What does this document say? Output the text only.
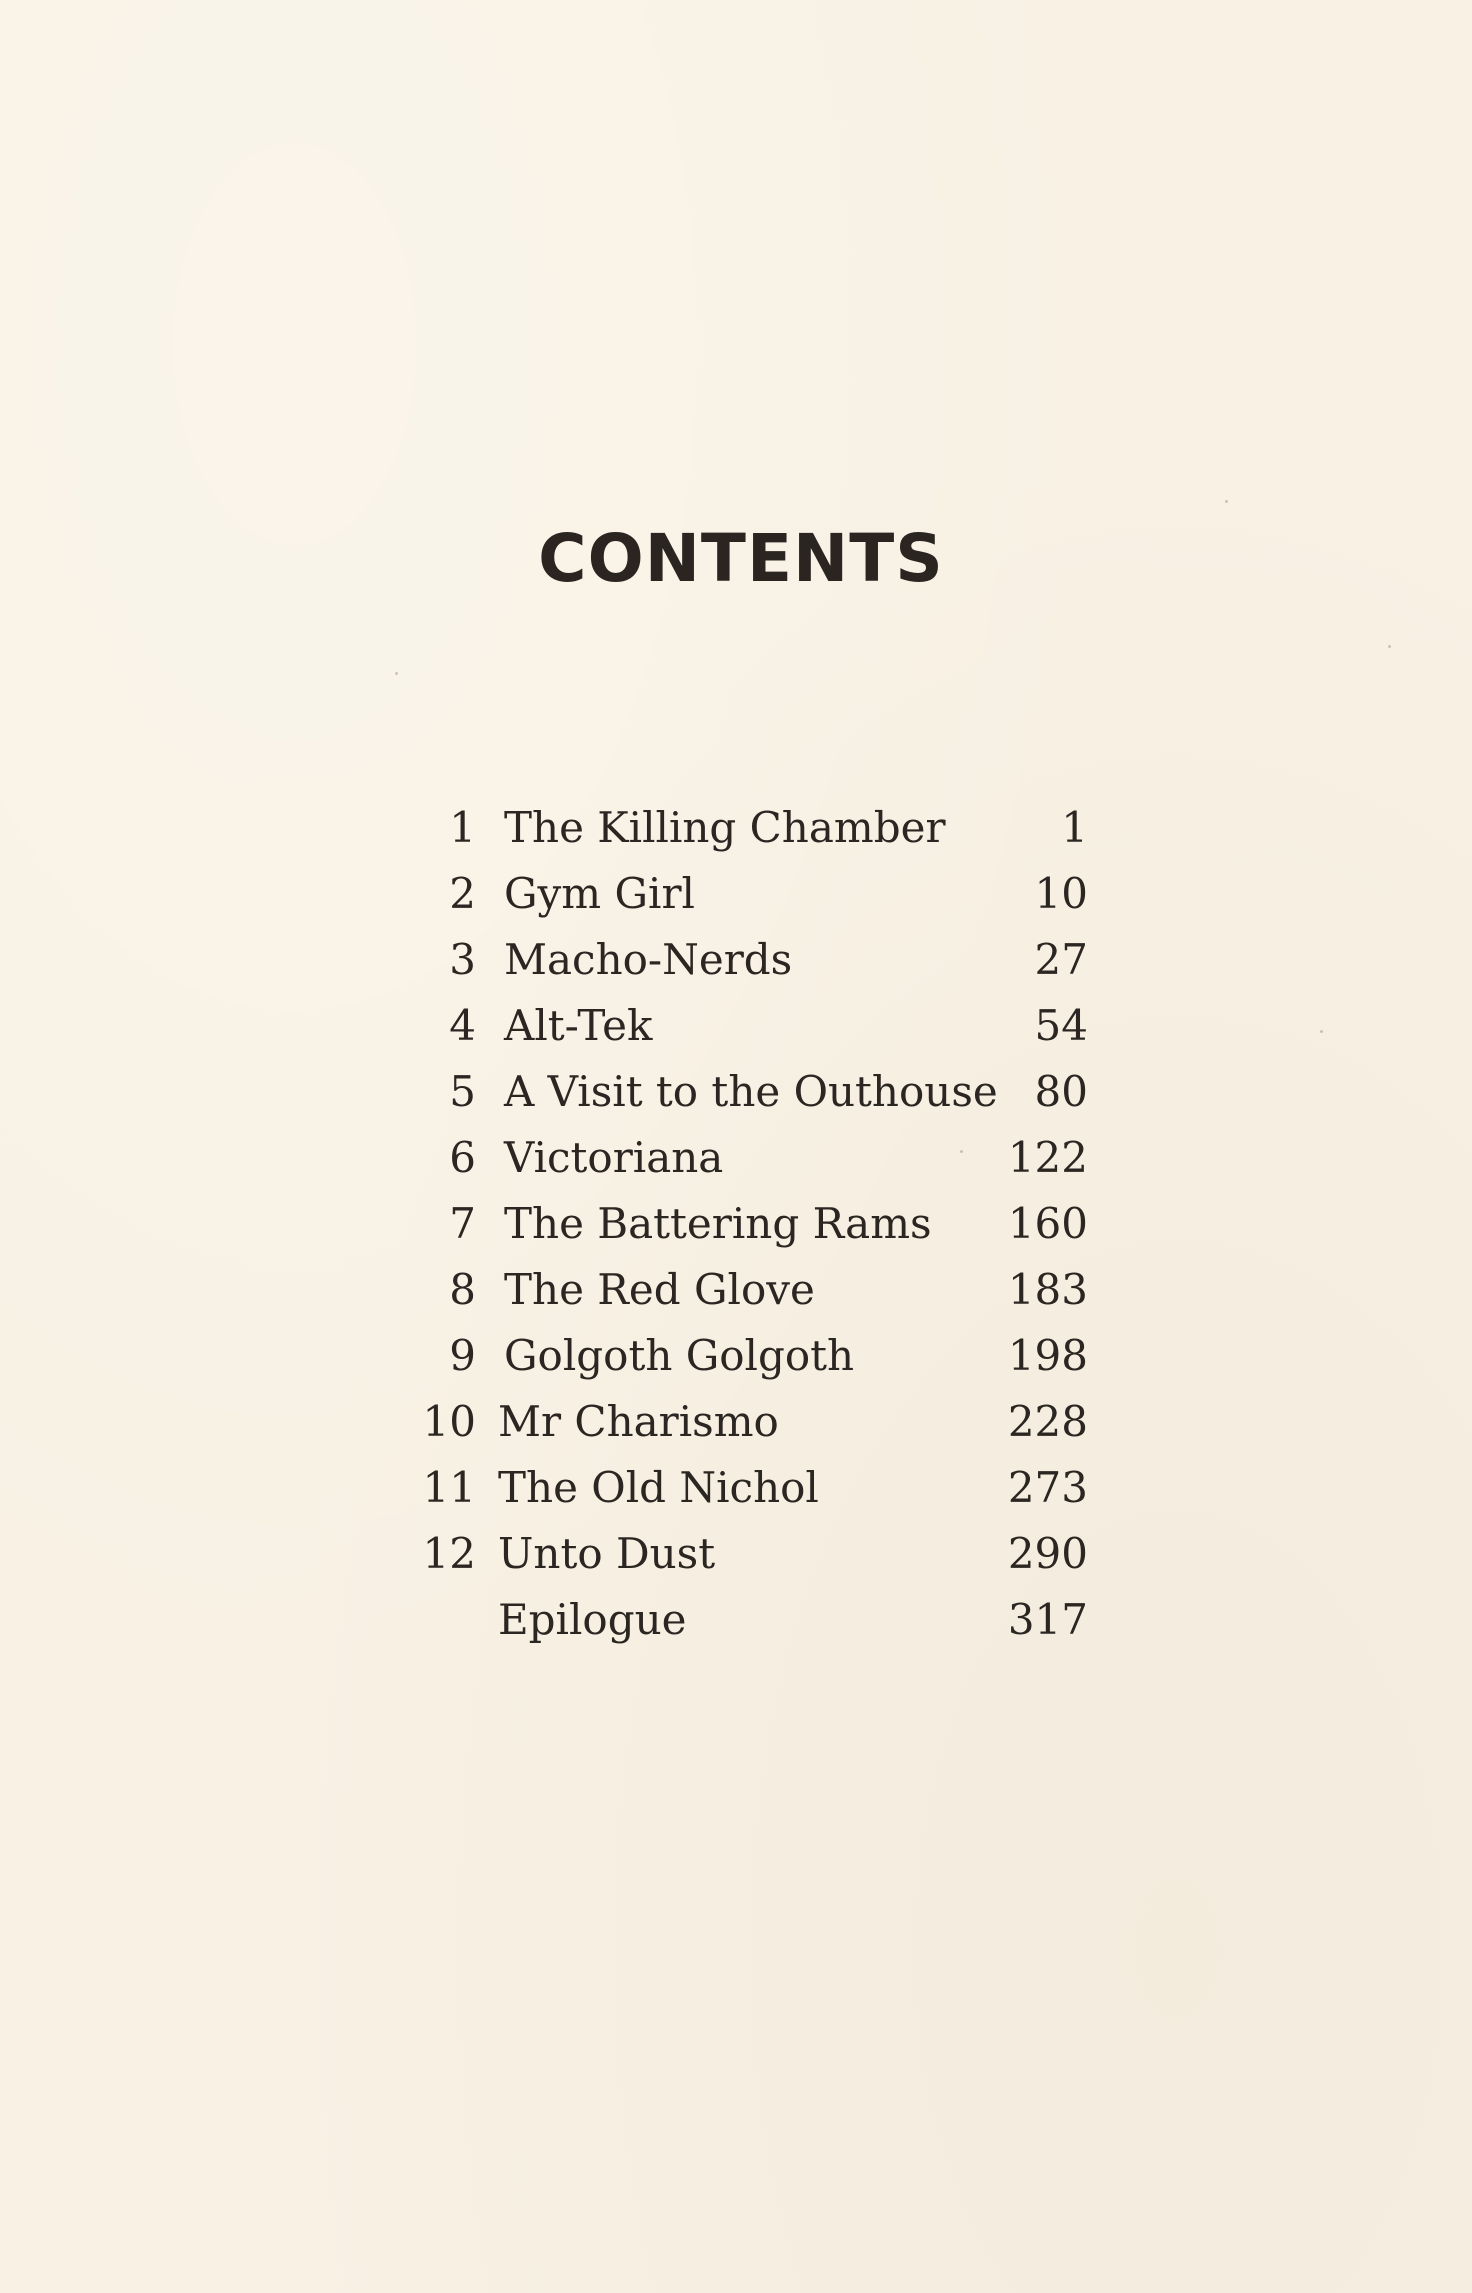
CONTENTS
1 The Killing Chamber	1
2 Gym Girl	10
3 Macho-Nerds	27
4 Alt-Tek	54
5 A Visit to the Outhouse 80
6 Victoriana	122
7 The Battering Rams 160
8 The Red Glove	183
9 Golgoth Golgoth	198
10 Mr Charismo	228
11 The Old Nichol	273
12 Unto Dust	290
Epilogue	317
